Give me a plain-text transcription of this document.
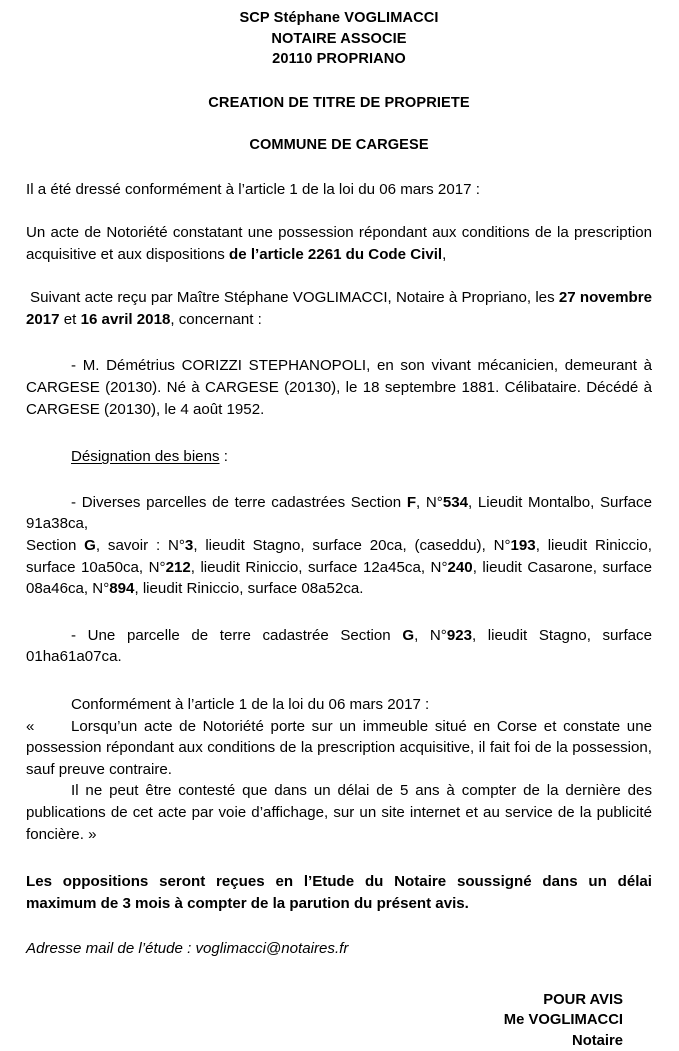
SCP Stéphane VOGLIMACCI
NOTAIRE ASSOCIE
20110 PROPRIANO
CREATION DE TITRE DE PROPRIETE
COMMUNE DE CARGESE

Il a été dressé conformément à l’article 1 de la loi du 06 mars 2017 :

Un acte de Notoriété constatant une possession répondant aux conditions de la prescription acquisitive et aux dispositions de l’article 2261 du Code Civil,

Suivant acte reçu par Maître Stéphane VOGLIMACCI, Notaire à Propriano, les 27 novembre 2017 et 16 avril 2018, concernant :

- M. Démétrius CORIZZI STEPHANOPOLI, en son vivant mécanicien, demeurant à CARGESE (20130). Né à CARGESE (20130), le 18 septembre 1881. Célibataire. Décédé à CARGESE (20130), le 4 août 1952.

Désignation des biens :

- Diverses parcelles de terre cadastrées Section F, N°534, Lieudit Montalbo, Surface 91a38ca,
Section G, savoir : N°3, lieudit Stagno, surface 20ca, (caseddu), N°193, lieudit Riniccio, surface 10a50ca, N°212, lieudit Riniccio, surface 12a45ca, N°240, lieudit Casarone, surface 08a46ca, N°894, lieudit Riniccio, surface 08a52ca.

- Une parcelle de terre cadastrée Section G, N°923, lieudit Stagno, surface 01ha61a07ca.

Conformément à l’article 1 de la loi du 06 mars 2017 :

« Lorsqu’un acte de Notoriété porte sur un immeuble situé en Corse et constate une possession répondant aux conditions de la prescription acquisitive, il fait foi de la possession, sauf preuve contraire.

Il ne peut être contesté que dans un délai de 5 ans à compter de la dernière des publications de cet acte par voie d’affichage, sur un site internet et au service de la publicité foncière. »

Les oppositions seront reçues en l’Etude du Notaire soussigné dans un délai maximum de 3 mois à compter de la parution du présent avis.

Adresse mail de l’étude : voglimacci@notaires.fr

POUR AVIS
Me VOGLIMACCI
Notaire
